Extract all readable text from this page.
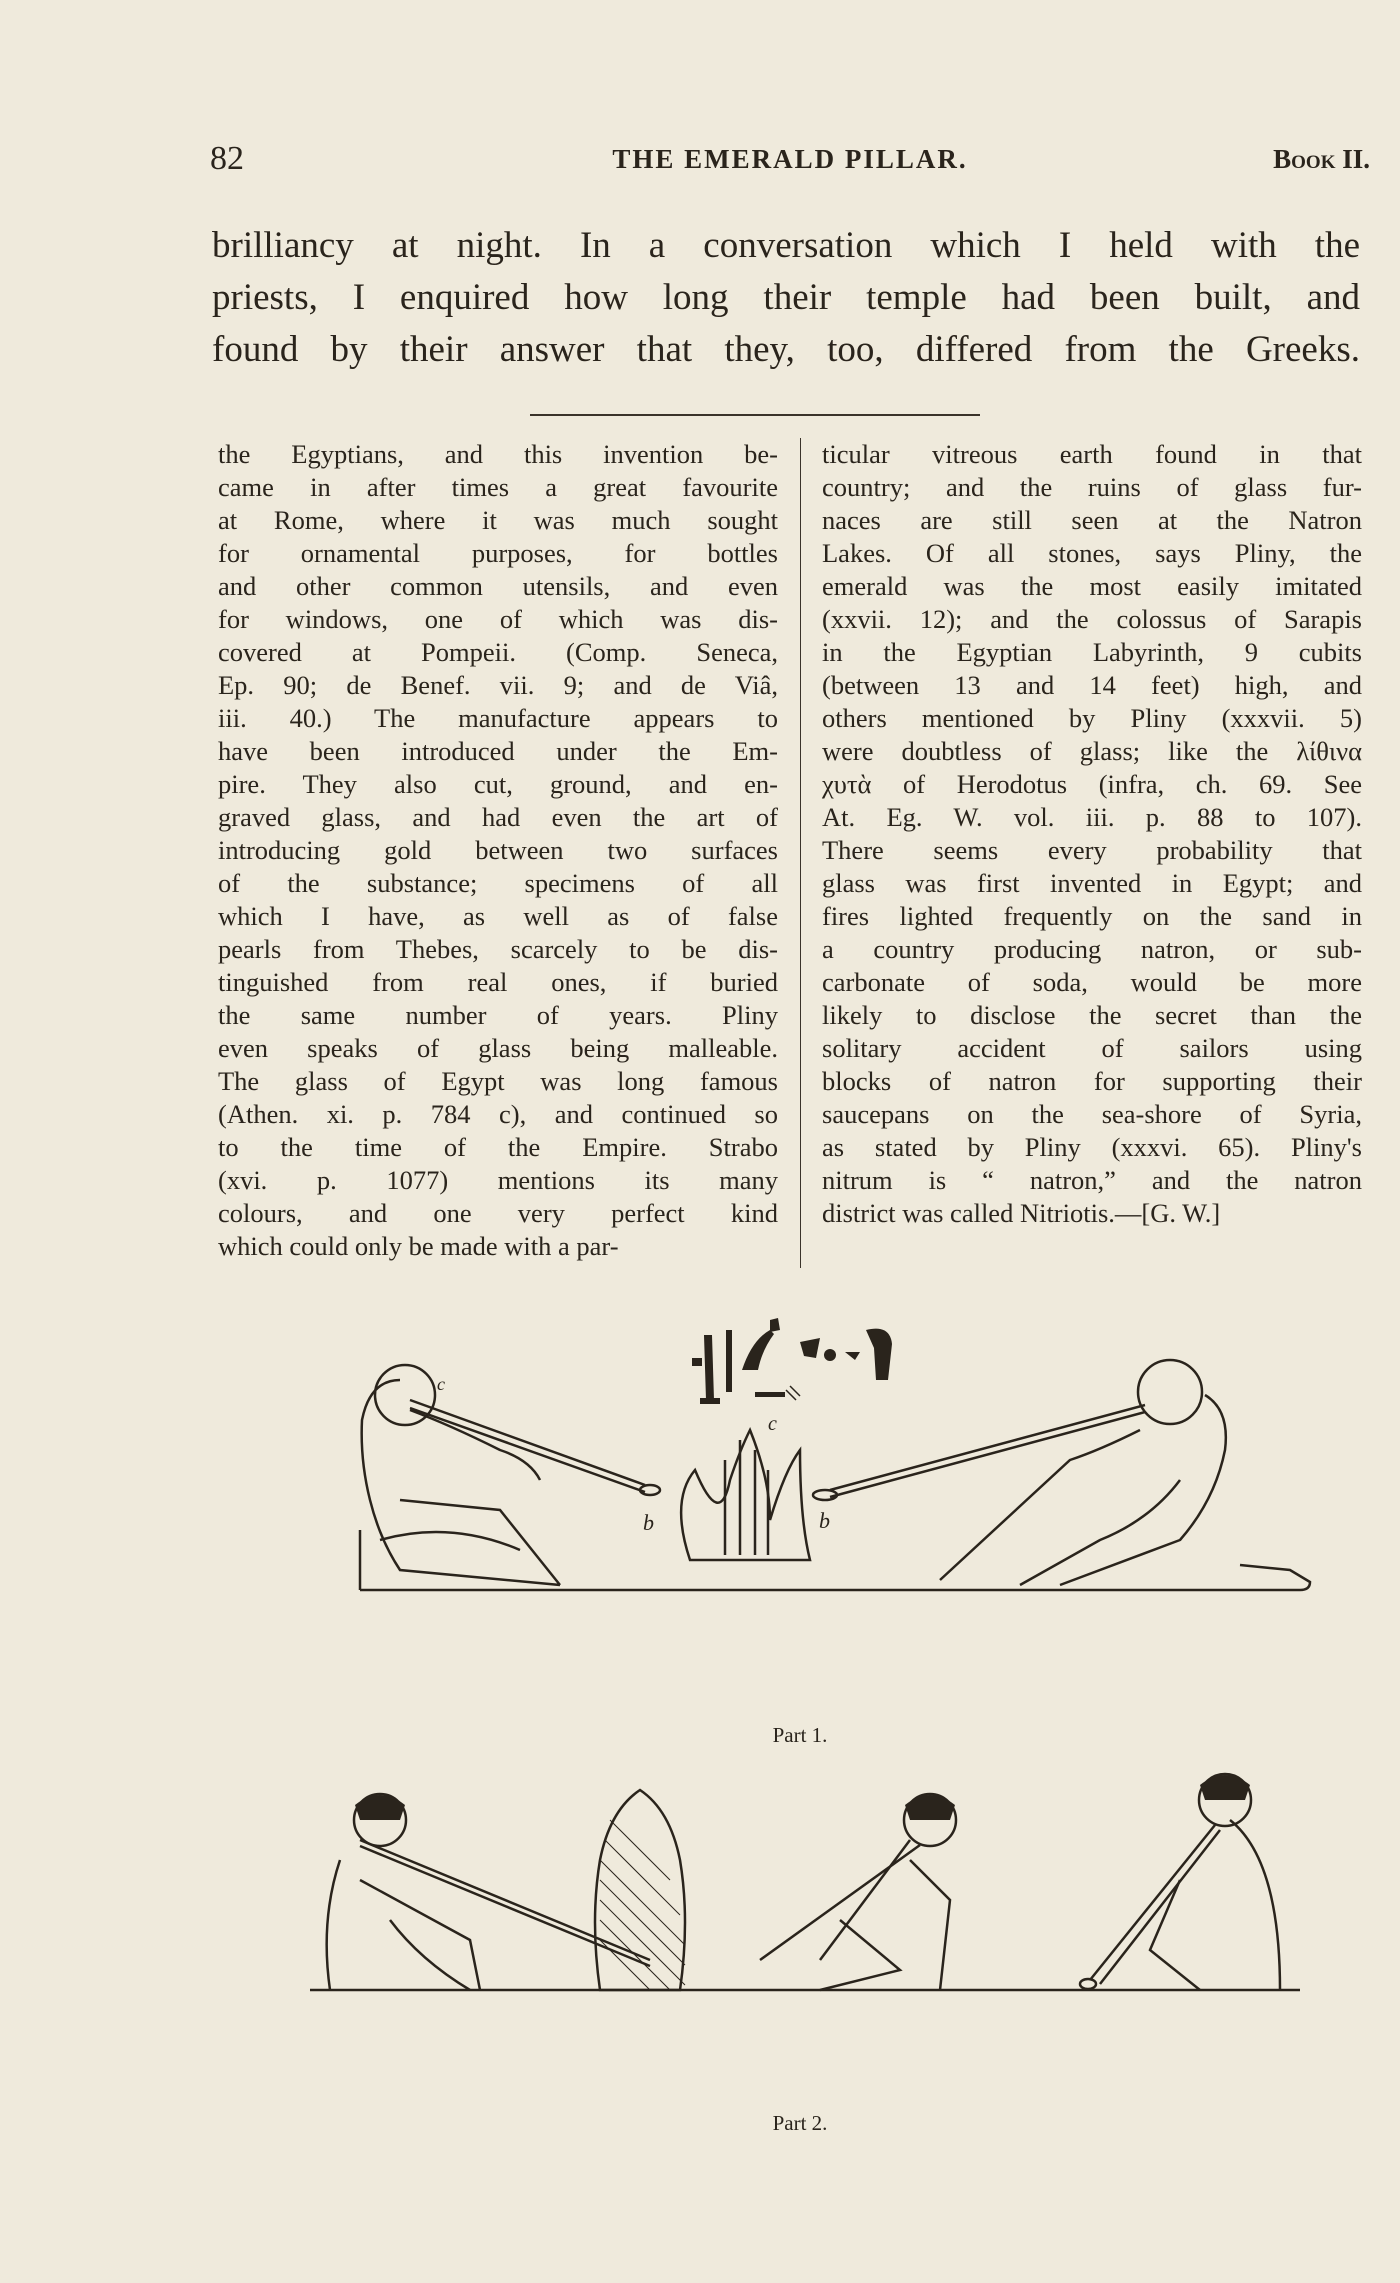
82	THE EMERALD PILLAR.	Book II.
brilliancy at night. In a conversation which I held with the
priests, I enquired how long their temple had been built, and
found by their answer that they, too, differed from the Greeks.
the Egyptians, and this invention be-
came in after times a great favourite
at Rome, where it was much sought
for ornamental purposes, for bottles
and other common utensils, and even
for windows, one of which was dis-
covered at Pompeii. (Comp. Seneca,
Ep. 90; de Benef. vii. 9; and de Viâ,
iii. 40.) The manufacture appears to
have been introduced under the Em-
pire. They also cut, ground, and en-
graved glass, and had even the art of
introducing gold between two surfaces
of the substance; specimens of all
which I have, as well as of false
pearls from Thebes, scarcely to be dis-
tinguished from real ones, if buried
the same number of years. Pliny
even speaks of glass being malleable.
The glass of Egypt was long famous
(Athen. xi. p. 784 c), and continued so
to the time of the Empire. Strabo
(xvi. p. 1077) mentions its many
colours, and one very perfect kind
which could only be made with a par-
ticular vitreous earth found in that
country; and the ruins of glass fur-
naces are still seen at the Natron
Lakes. Of all stones, says Pliny, the
emerald was the most easily imitated
(xxvii. 12); and the colossus of Sarapis
in the Egyptian Labyrinth, 9 cubits
(between 13 and 14 feet) high, and
others mentioned by Pliny (xxxvii. 5)
were doubtless of glass; like the λίθινα
χυτὰ of Herodotus (infra, ch. 69. See
At. Eg. W. vol. iii. p. 88 to 107).
There seems every probability that
glass was first invented in Egypt; and
fires lighted frequently on the sand in
a country producing natron, or sub-
carbonate of soda, would be more
likely to disclose the secret than the
solitary accident of sailors using
blocks of natron for supporting their
saucepans on the sea-shore of Syria,
as stated by Pliny (xxxvi. 65). Pliny's
nitrum is “ natron,” and the natron
district was called Nitriotis.—[G. W.]
c
c
b	b
Part 1.
Part 2.
